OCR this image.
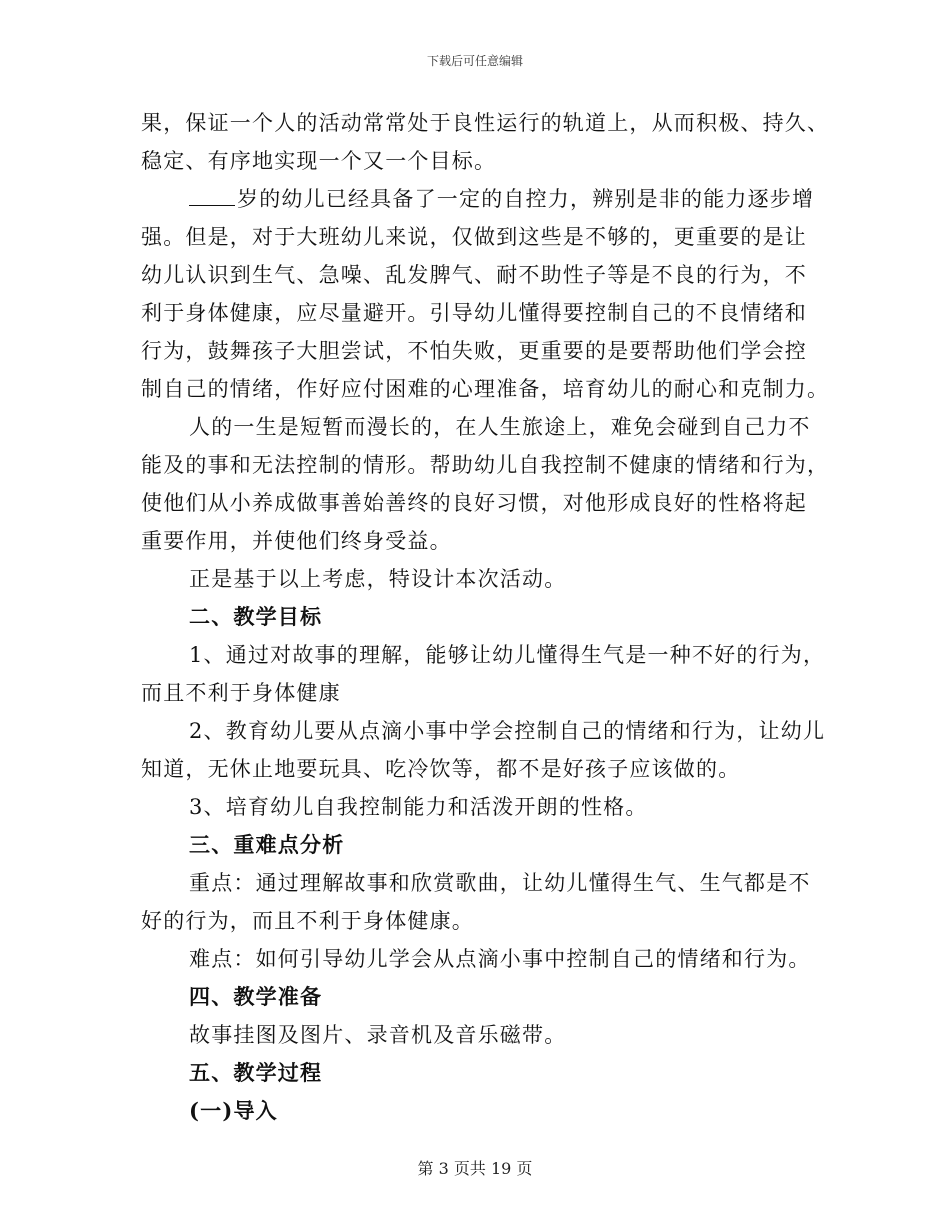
下载后可任意编辑
果，保证一个人的活动常常处于良性运行的轨道上，从而积极、持久、
稳定、有序地实现一个又一个目标。
岁的幼儿已经具备了一定的自控力，辨别是非的能力逐步增
强。但是，对于大班幼儿来说，仅做到这些是不够的，更重要的是让
幼儿认识到生气、急噪、乱发脾气、耐不助性子等是不良的行为，不
利于身体健康，应尽量避开。引导幼儿懂得要控制自己的不良情绪和
行为，鼓舞孩子大胆尝试，不怕失败，更重要的是要帮助他们学会控
制自己的情绪，作好应付困难的心理准备，培育幼儿的耐心和克制力。
人的一生是短暂而漫长的，在人生旅途上，难免会碰到自己力不
能及的事和无法控制的情形。帮助幼儿自我控制不健康的情绪和行为，
使他们从小养成做事善始善终的良好习惯，对他形成良好的性格将起
重要作用，并使他们终身受益。
正是基于以上考虑，特设计本次活动。
二、教学目标
1、通过对故事的理解，能够让幼儿懂得生气是一种不好的行为，
而且不利于身体健康
2、教育幼儿要从点滴小事中学会控制自己的情绪和行为，让幼儿
知道，无休止地要玩具、吃冷饮等，都不是好孩子应该做的。
3、培育幼儿自我控制能力和活泼开朗的性格。
三、重难点分析
重点：通过理解故事和欣赏歌曲，让幼儿懂得生气、生气都是不
好的行为，而且不利于身体健康。
难点：如何引导幼儿学会从点滴小事中控制自己的情绪和行为。
四、教学准备
故事挂图及图片、录音机及音乐磁带。
五、教学过程
(一)导入
第 3 页共 19 页
